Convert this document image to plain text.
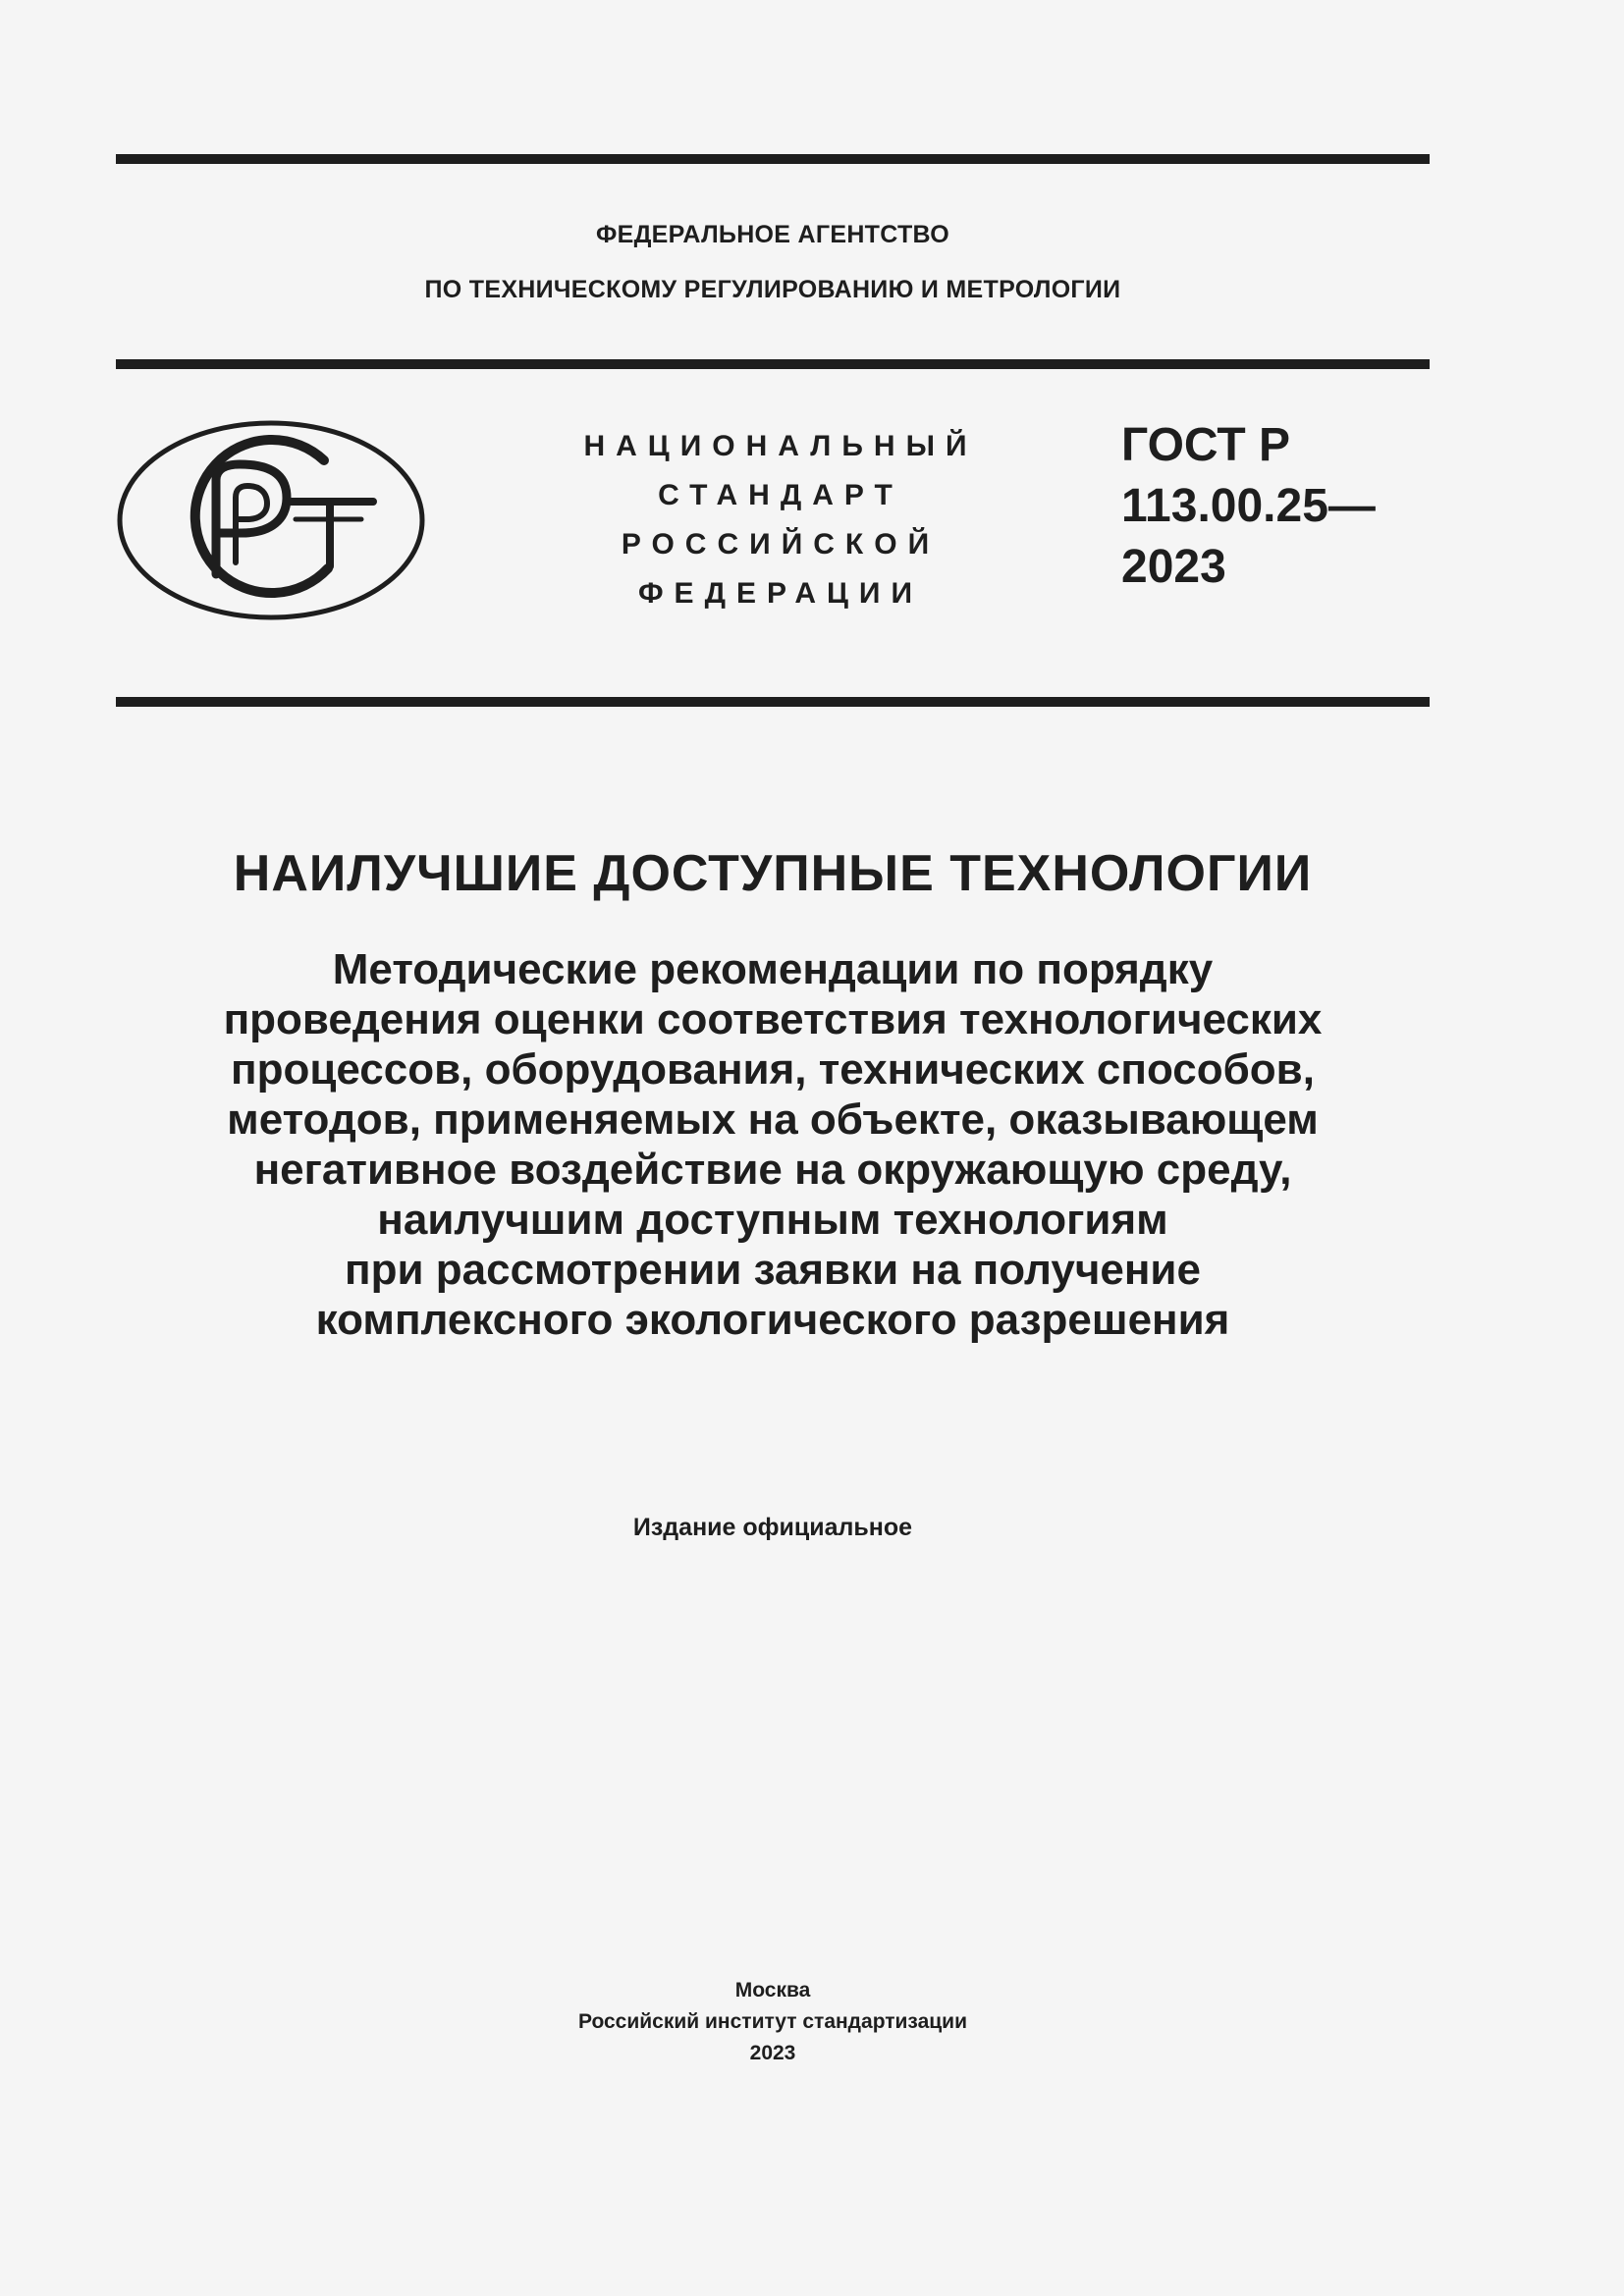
ФЕДЕРАЛЬНОЕ АГЕНТСТВО
ПО ТЕХНИЧЕСКОМУ РЕГУЛИРОВАНИЮ И МЕТРОЛОГИИ
НАЦИОНАЛЬНЫЙ
СТАНДАРТ
РОССИЙСКОЙ
ФЕДЕРАЦИИ
ГОСТ Р
113.00.25—
2023
НАИЛУЧШИЕ ДОСТУПНЫЕ ТЕХНОЛОГИИ
Методические рекомендации по порядку
проведения оценки соответствия технологических
процессов, оборудования, технических способов,
методов, применяемых на объекте, оказывающем
негативное воздействие на окружающую среду,
наилучшим доступным технологиям
при рассмотрении заявки на получение
комплексного экологического разрешения
Издание официальное
Москва
Российский институт стандартизации
2023
